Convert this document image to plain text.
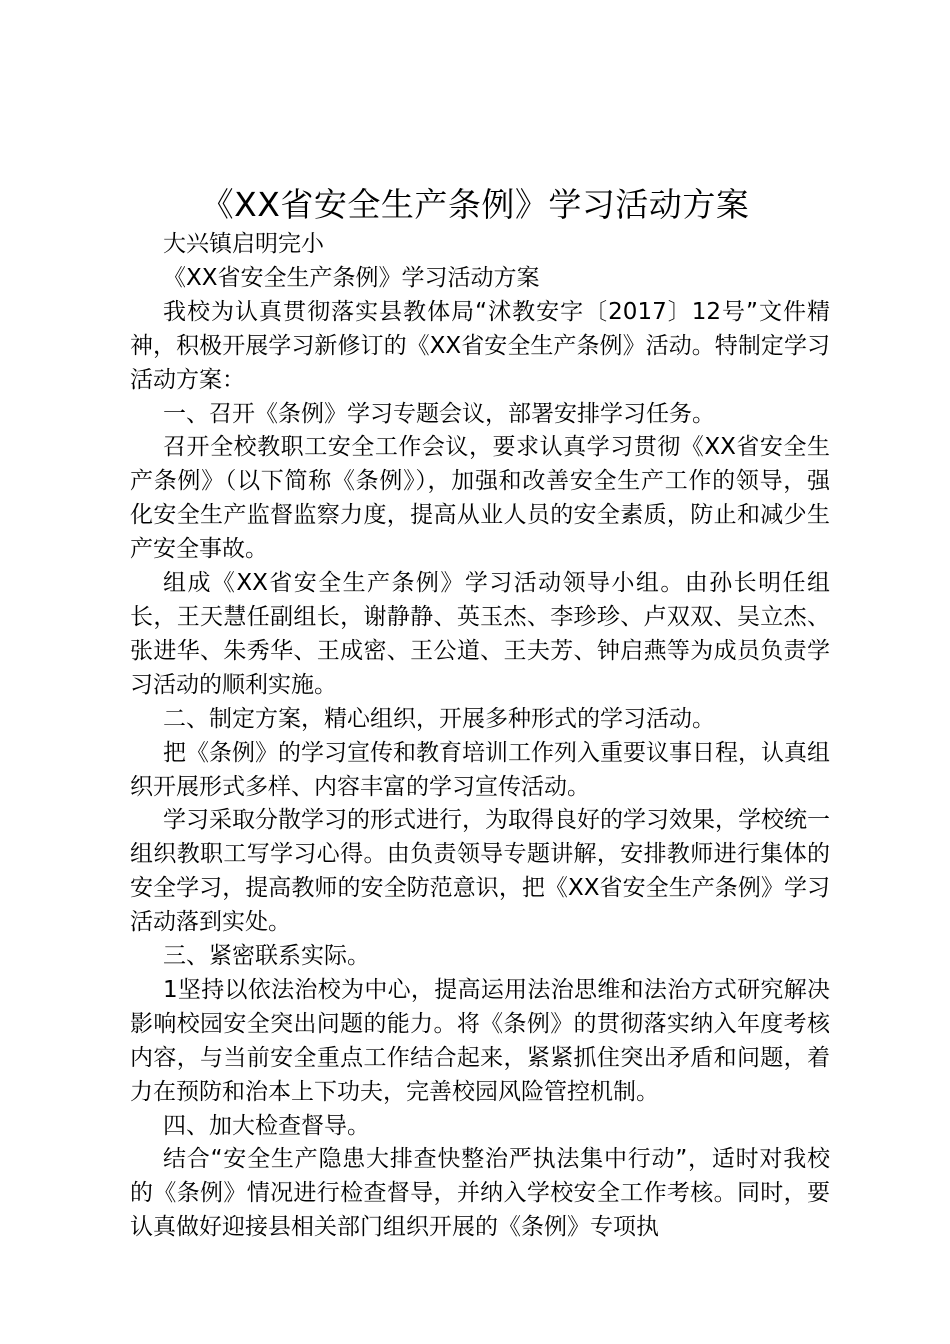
《XX省安全生产条例》学习活动方案

大兴镇启明完小

《XX省安全生产条例》学习活动方案

我校为认真贯彻落实县教体局“沭教安字〔2017〕12号”文件精神，积极开展学习新修订的《XX省安全生产条例》活动。特制定学习活动方案：

一、召开《条例》学习专题会议，部署安排学习任务。

召开全校教职工安全工作会议，要求认真学习贯彻《XX省安全生产条例》（以下简称《条例》），加强和改善安全生产工作的领导，强化安全生产监督监察力度，提高从业人员的安全素质，防止和减少生产安全事故。

组成《XX省安全生产条例》学习活动领导小组。由孙长明任组长，王天慧任副组长，谢静静、英玉杰、李珍珍、卢双双、吴立杰、张进华、朱秀华、王成密、王公道、王夫芳、钟启燕等为成员负责学习活动的顺利实施。

二、制定方案，精心组织，开展多种形式的学习活动。

把《条例》的学习宣传和教育培训工作列入重要议事日程，认真组织开展形式多样、内容丰富的学习宣传活动。

学习采取分散学习的形式进行，为取得良好的学习效果，学校统一组织教职工写学习心得。由负责领导专题讲解，安排教师进行集体的安全学习，提高教师的安全防范意识，把《XX省安全生产条例》学习活动落到实处。

三、紧密联系实际。

1坚持以依法治校为中心，提高运用法治思维和法治方式研究解决影响校园安全突出问题的能力。将《条例》的贯彻落实纳入年度考核内容，与当前安全重点工作结合起来，紧紧抓住突出矛盾和问题，着力在预防和治本上下功夫，完善校园风险管控机制。

四、加大检查督导。

结合“安全生产隐患大排查快整治严执法集中行动”，适时对我校的《条例》情况进行检查督导，并纳入学校安全工作考核。同时，要认真做好迎接县相关部门组织开展的《条例》专项执
